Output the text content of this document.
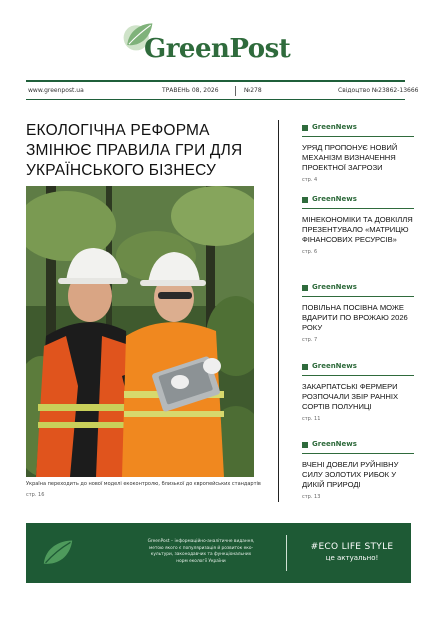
GreenPost
www.greenpost.ua	ТРАВЕНЬ 08, 2026	№278	Свідоцтво №23862-13666
ЕКОЛОГІЧНА РЕФОРМА
ЗМІНЮЄ ПРАВИЛА ГРИ ДЛЯ
УКРАЇНСЬКОГО БІЗНЕСУ
Україна переходить до нової моделі екоконтролю, близької до європейських стандартів
стр. 16
GreenNews

УРЯД ПРОПОНУЄ НОВИЙ МЕХАНІЗМ ВИЗНАЧЕННЯ ПРОЕКТНОЇ ЗАГРОЗИ

стр. 4
GreenNews

МІНЕКОНОМІКИ ТА ДОВКІЛЛЯ ПРЕЗЕНТУВАЛО «МАТРИЦЮ ФІНАНСОВИХ РЕСУРСІВ»

стр. 6
GreenNews

ПОВІЛЬНА ПОСІВНА МОЖЕ ВДАРИТИ ПО ВРОЖАЮ 2026 РОКУ

стр. 7
GreenNews

ЗАКАРПАТСЬКІ ФЕРМЕРИ РОЗПОЧАЛИ ЗБІР РАННІХ СОРТІВ ПОЛУНИЦІ

стр. 11
GreenNews

ВЧЕНІ ДОВЕЛИ РУЙНІВНУ СИЛУ ЗОЛОТИХ РИБОК У ДИКІЙ ПРИРОДІ

стр. 13
GreenPost – інформаційно-аналітичне видання,
метою якого є популяризація й розвиток еко-
культури, законодавчих та функціональних
норм екології України
#ECO LIFE STYLE
це актуально!
